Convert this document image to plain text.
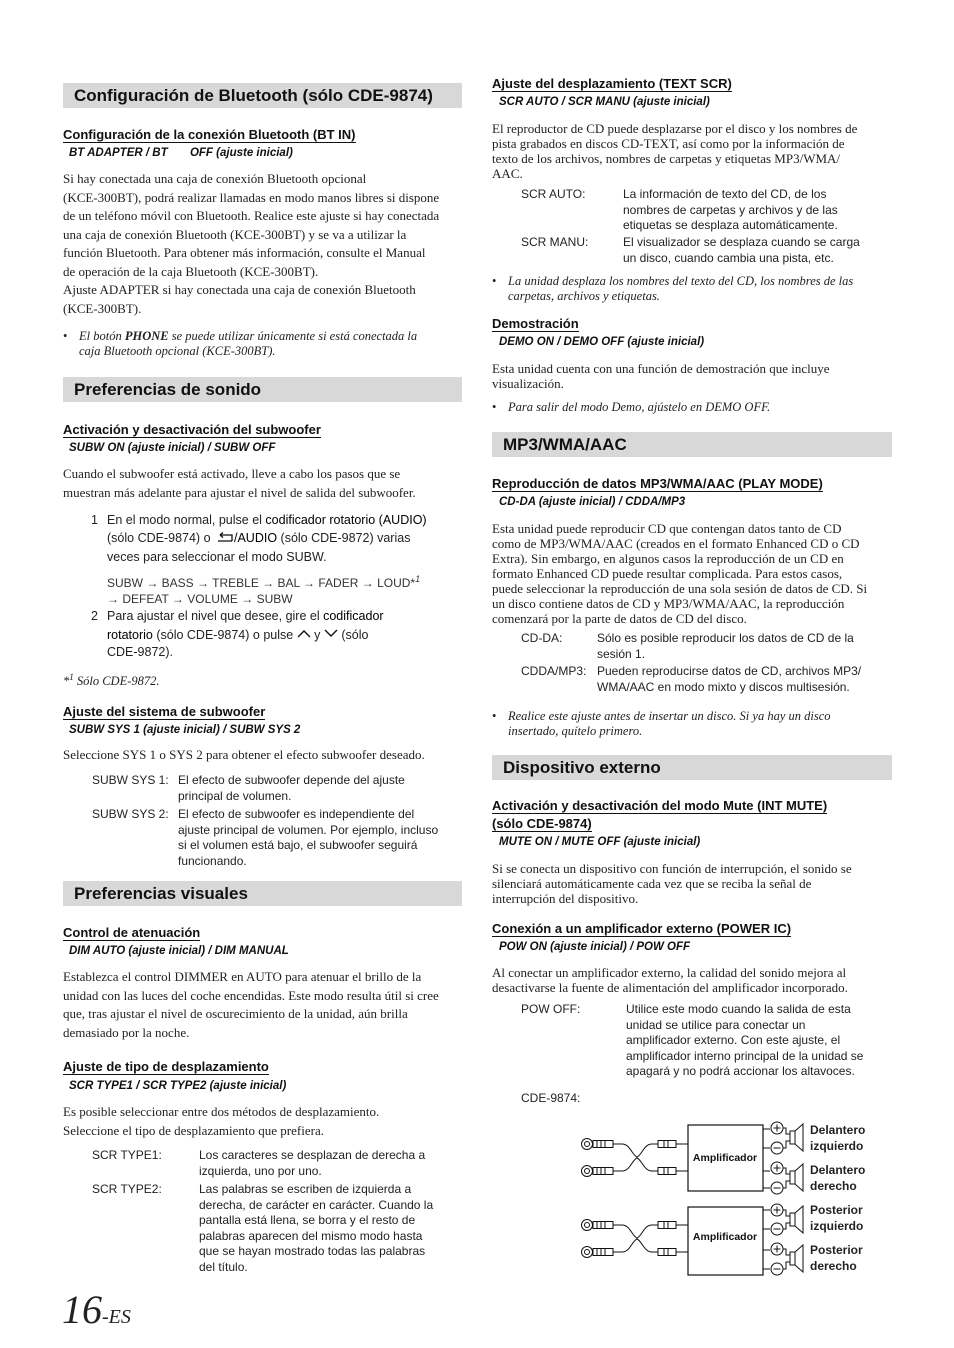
Configuración de Bluetooth (sólo CDE-9874)
Configuración de la conexión Bluetooth (BT IN)
BT ADAPTER / BT       OFF (ajuste inicial)
Si hay conectada una caja de conexión Bluetooth opcional
(KCE-300BT), podrá realizar llamadas en modo manos libres si dispone
de un teléfono móvil con Bluetooth. Realice este ajuste si hay conectada
una caja de conexión Bluetooth (KCE-300BT) y se va a utilizar la
función Bluetooth. Para obtener más información, consulte el Manual
de operación de la caja Bluetooth (KCE-300BT).
Ajuste ADAPTER si hay conectada una caja de conexión Bluetooth
(KCE-300BT).
• El botón PHONE se puede utilizar únicamente si está conectada la
caja Bluetooth opcional (KCE-300BT).
Preferencias de sonido
Activación y desactivación del subwoofer
SUBW ON (ajuste inicial) / SUBW OFF
Cuando el subwoofer está activado, lleve a cabo los pasos que se
muestran más adelante para ajustar el nivel de salida del subwoofer.
1 En el modo normal, pulse el codificador rotatorio (AUDIO)
(sólo CDE-9874) o /AUDIO (sólo CDE-9872) varias
veces para seleccionar el modo SUBW.
SUBW → BASS → TREBLE → BAL → FADER → LOUD*$^1$
→ DEFEAT → VOLUME → SUBW
2 Para ajustar el nivel que desee, gire el codificador
rotatorio (sólo CDE-9874) o pulse  y  (sólo
CDE-9872).
*$^1$ Sólo CDE-9872.
Ajuste del sistema de subwoofer
SUBW SYS 1 (ajuste inicial) / SUBW SYS 2
Seleccione SYS 1 o SYS 2 para obtener el efecto subwoofer deseado.
SUBW SYS 1: El efecto de subwoofer depende del ajuste
principal de volumen.
SUBW SYS 2: El efecto de subwoofer es independiente del
ajuste principal de volumen. Por ejemplo, incluso
si el volumen está bajo, el subwoofer seguirá
funcionando.
Preferencias visuales
Control de atenuación
DIM AUTO (ajuste inicial) / DIM MANUAL
Establezca el control DIMMER en AUTO para atenuar el brillo de la
unidad con las luces del coche encendidas. Este modo resulta útil si cree
que, tras ajustar el nivel de oscurecimiento de la unidad, aún brilla
demasiado por la noche.
Ajuste de tipo de desplazamiento
SCR TYPE1 / SCR TYPE2 (ajuste inicial)
Es posible seleccionar entre dos métodos de desplazamiento.
Seleccione el tipo de desplazamiento que prefiera.
SCR TYPE1:	Los caracteres se desplazan de derecha a
izquierda, uno por uno.
SCR TYPE2:	Las palabras se escriben de izquierda a
derecha, de carácter en carácter. Cuando la
pantalla está llena, se borra y el resto de
palabras aparecen del mismo modo hasta
que se hayan mostrado todas las palabras
del título.
16-ES
Ajuste del desplazamiento (TEXT SCR)
SCR AUTO / SCR MANU (ajuste inicial)
El reproductor de CD puede desplazarse por el disco y los nombres de
pista grabados en discos CD-TEXT, así como por la información de
texto de los archivos, nombres de carpetas y etiquetas MP3/WMA/
AAC.
SCR AUTO:	La información de texto del CD, de los
nombres de carpetas y archivos y de las
etiquetas se desplaza automáticamente.
SCR MANU:	El visualizador se desplaza cuando se carga
un disco, cuando cambia una pista, etc.
• La unidad desplaza los nombres del texto del CD, los nombres de las
carpetas, archivos y etiquetas.
Demostración
DEMO ON / DEMO OFF (ajuste inicial)
Esta unidad cuenta con una función de demostración que incluye
visualización.
• Para salir del modo Demo, ajústelo en DEMO OFF.
MP3/WMA/AAC
Reproducción de datos MP3/WMA/AAC (PLAY MODE)
CD-DA (ajuste inicial) / CDDA/MP3
Esta unidad puede reproducir CD que contengan datos tanto de CD
como de MP3/WMA/AAC (creados en el formato Enhanced CD o CD
Extra). Sin embargo, en algunos casos la reproducción de un CD en
formato Enhanced CD puede resultar complicada. Para estos casos,
puede seleccionar la reproducción de una sola sesión de datos de CD. Si
un disco contiene datos de CD y MP3/WMA/AAC, la reproducción
comenzará por la parte de datos de CD del disco.
CD-DA:	Sólo es posible reproducir los datos de CD de la
sesión 1.
CDDA/MP3: Pueden reproducirse datos de CD, archivos MP3/
WMA/AAC en modo mixto y discos multisesión.
• Realice este ajuste antes de insertar un disco. Si ya hay un disco
insertado, quítelo primero.
Dispositivo externo
Activación y desactivación del modo Mute (INT MUTE)
(sólo CDE-9874)
MUTE ON / MUTE OFF (ajuste inicial)
Si se conecta un dispositivo con función de interrupción, el sonido se
silenciará automáticamente cada vez que se reciba la señal de
interrupción del dispositivo.
Conexión a un amplificador externo (POWER IC)
POW ON (ajuste inicial) / POW OFF
Al conectar un amplificador externo, la calidad del sonido mejora al
desactivarse la fuente de alimentación del amplificador incorporado.
POW OFF:	Utilice este modo cuando la salida de esta
unidad se utilice para conectar un
amplificador externo. Con este ajuste, el
amplificador interno principal de la unidad se
apagará y no podrá accionar los altavoces.
CDE-9874:
Amplificador
Amplificador
Delantero
izquierdo
Delantero
derecho
Posterior
izquierdo
Posterior
derecho
